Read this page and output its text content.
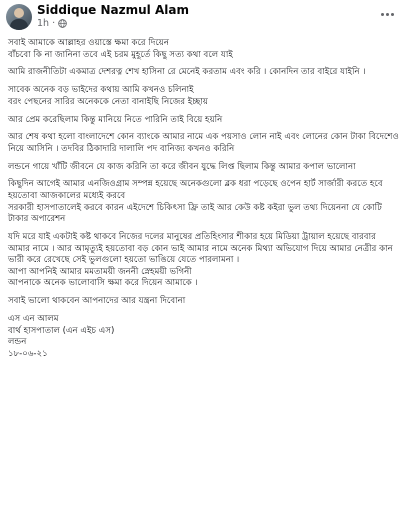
Siddique Nazmul Alam
1h ·

সবাই আমাকে আল্লাহর ওয়াস্তে ক্ষমা করে দিয়েন
বাঁচবো কি না জানিনা তবে এই চরম মুহূর্তে কিছু সত্য কথা বলে যাই

আমি রাজনীতিটা একমাত্র দেশরত্ন শেখ হাসিনা রে মেনেই করতাম এবং করি । কোনদিন তার বাইরে যাইনি ।

সাবেক অনেক বড় ভাইদের কথায় আমি কখনও চলিনাই
বরং পেছনের সারির অনেককে নেতা বানাইছি নিজের ইচ্ছায়

আর প্রেম করেছিলাম কিন্তু মানিয়ে নিতে পারিনি তাই বিয়ে হয়নি

আর শেষ কথা হলো বাংলাদেশে কোন ব্যাংকে আমার নামে এক পয়সাও লোন নাই এবং লোনের কোন টাকা বিদেশেও নিয়ে আসিনি । তদবির ঠিকাদারি দালালি পদ বানিজ্য কখনও করিনি

লন্ডনে গায়ে খাঁটি জীবনে যে কাজ করিনি তা করে জীবন যুদ্ধে লিপ্ত ছিলাম কিন্তু আমার কপাল ভালোনা

কিছুদিন আগেই আমার এনজিওগ্রাম সম্পন্ন হয়েছে অনেকগুলো ব্লক ধরা পড়েছে ওপেন হার্ট সার্জারী করতে হবে হয়তোবা আজকালের মধ্যেই করবে
সরকারী হাসপাতালেই করবে কারন এইদেশে চিকিৎসা ফ্রি তাই আর কেউ কষ্ট কইরা ভুল তথ্য দিয়েননা যে কোটি টাকার অপারেশন

যদি মরে যাই একটাই কষ্ট থাকবে নিজের দলের মানুষের প্রতিহিংসার শীকার হয়ে মিডিয়া ট্রায়াল হয়েছে বারবার আমার নামে । আর আমৃত্যুই হয়তোবা বড় কোন ভাই আমার নামে অনেক মিথ্যা অভিযোগ দিয়ে আমার নেত্রীর কান ভারী করে রেখেছে সেই ভুলগুলো হয়তো ভাঙিয়ে যেতে পারলামনা ।
আপা আপনিই আমার মমতাময়ী জননী স্নেহময়ী ভগিনী
আপনাকে অনেক ভালোবাসি ক্ষমা করে দিয়েন আমাকে ।

সবাই ভালো থাকবেন আপনাদের আর যন্ত্রনা দিবোনা

এস এন আলম

বার্থ হাসপাতাল (এন এইচ এস)

লন্ডন

১৮-০৬-২১
